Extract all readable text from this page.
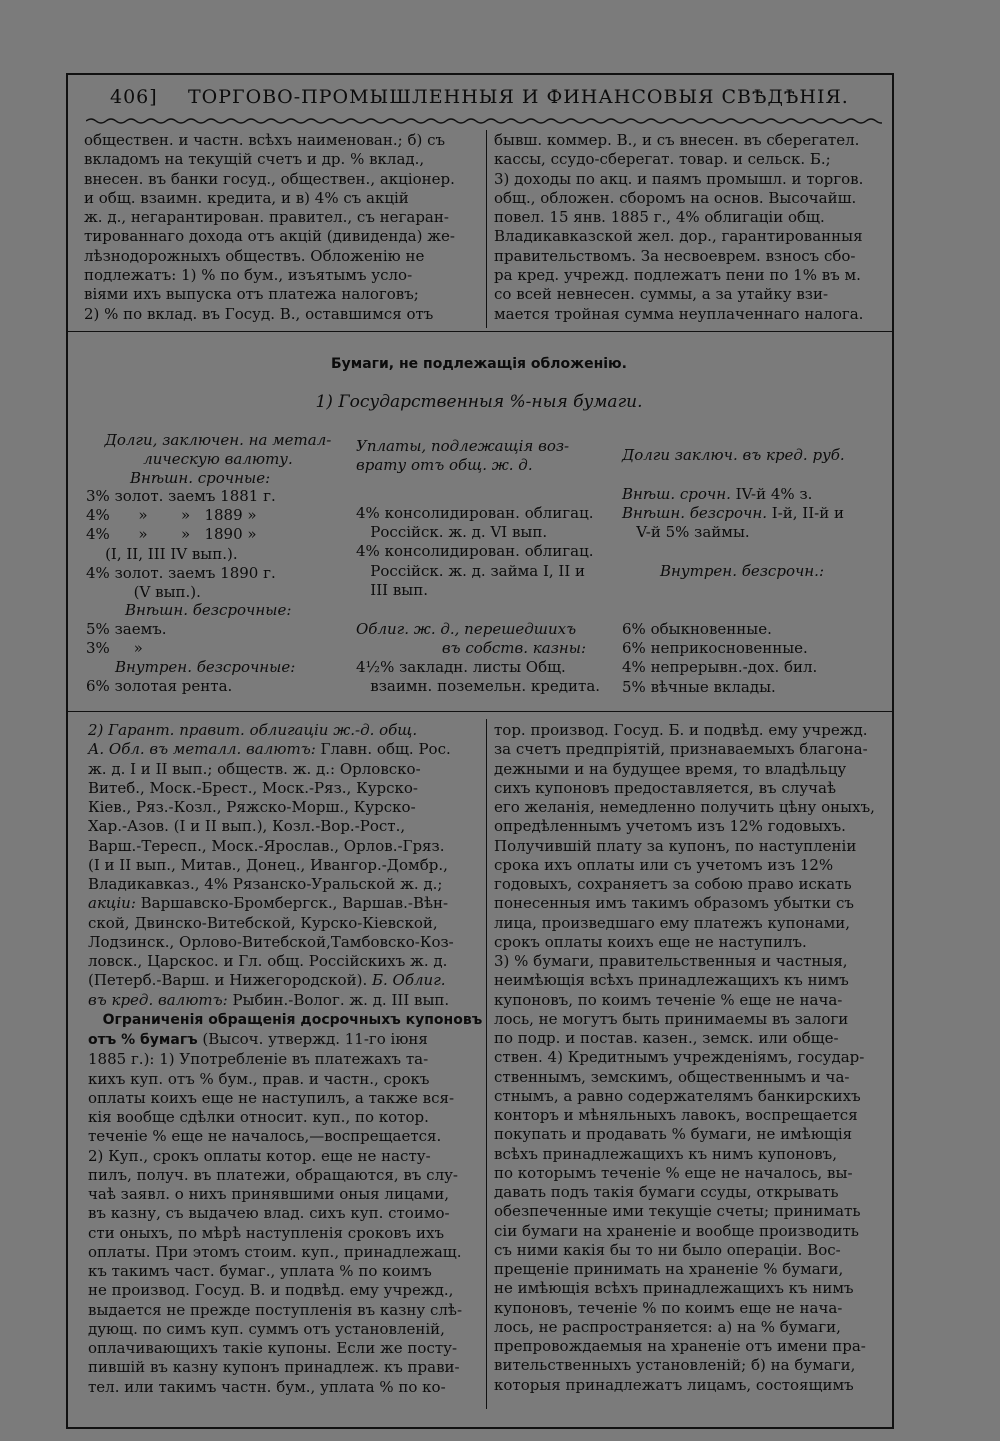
406] ТОРГОВО-ПРОМЫШЛЕННЫЯ И ФИНАНСОВЫЯ СВѢДѢНІЯ.
обществен. и частн. всѣхъ наименован.; б) съ
вкладомъ на текущій счетъ и др. % вклад.,
внесен. въ банки госуд., обществен., акціонер.
и общ. взаимн. кредита, и в) 4% съ акцій
ж. д., негарантирован. правител., съ негаран-
тированнаго дохода отъ акцій (дивиденда) же-
лѣзнодорожныхъ обществъ. Обложенію не
подлежатъ: 1) % по бум., изъятымъ усло-
віями ихъ выпуска отъ платежа налоговъ;
2) % по вклад. въ Госуд. В., оставшимся отъ
бывш. коммер. В., и съ внесен. въ сберегател.
кассы, ссудо-сберегат. товар. и сельск. Б.;
3) доходы по акц. и паямъ промышл. и торгов.
общ., обложен. сборомъ на основ. Высочайш.
повел. 15 янв. 1885 г., 4% облигаціи общ.
Владикавказской жел. дор., гарантированныя
правительствомъ. За несвоеврем. взносъ сбо-
ра кред. учрежд. подлежатъ пени по 1% въ м.
со всей невнесен. суммы, а за утайку взи-
мается тройная сумма неуплаченнаго налога.
Бумаги, не подлежащія обложенію.
1) Государственныя %-ныя бумаги.
Долги, заключен. на метал-
лическую валюту.
Внѣшн. срочные:
3% золот. заемъ 1881 г.
4%      »       »   1889 »
4%      »       »   1890 »
(I, II, III IV вып.).
4% золот. заемъ 1890 г.
(V вып.).
Внѣшн. безсрочные:
5% заемъ.
3%     »
Внутрен. безсрочные:
6% золотая рента.
Уплаты, подлежащія воз-
врату отъ общ. ж. д.
4% консолидирован. облигац.
Россійск. ж. д. VI вып.
4% консолидирован. облигац.
Россійск. ж. д. займа I, II и
III вып.
Облиг. ж. д., перешедшихъ
въ собств. казны:
4½% закладн. листы Общ.
взаимн. поземельн. кредита.
Долги заключ. въ кред. руб.
Внѣш. срочн. IV-й 4% з.
Внѣшн. безсрочн. I-й, II-й и
V-й 5% займы.
Внутрен. безсрочн.:
6% обыкновенные.
6% неприкосновенные.
4% непрерывн.-дох. бил.
5% вѣчные вклады.
2) Гарант. правит. облигаціи ж.-д. общ.
А. Обл. въ металл. валютъ: Главн. общ. Рос.
ж. д. I и II вып.; обществ. ж. д.: Орловско-
Витеб., Моск.-Брест., Моск.-Ряз., Курско-
Кіев., Ряз.-Козл., Ряжско-Морш., Курско-
Хар.-Азов. (I и II вып.), Козл.-Вор.-Рост.,
Варш.-Тересп., Моск.-Ярослав., Орлов.-Гряз.
(I и II вып., Митав., Донец., Ивангор.-Домбр.,
Владикавказ., 4% Рязанско-Уральской ж. д.;
акціи: Варшавско-Бромбергск., Варшав.-Вѣн-
ской, Двинско-Витебской, Курско-Кіевской,
Лодзинск., Орлово-Витебской,Тамбовско-Коз-
ловск., Царскос. и Гл. общ. Россійскихъ ж. д.
(Петерб.-Варш. и Нижегородской). Б. Облиг.
въ кред. валютъ: Рыбин.-Волог. ж. д. III вып.
Ограниченія обращенія досрочныхъ купоновъ
отъ % бумагъ (Высоч. утвержд. 11-го іюня
1885 г.): 1) Употребленіе въ платежахъ та-
кихъ куп. отъ % бум., прав. и частн., срокъ
оплаты коихъ еще не наступилъ, а также вся-
кія вообще сдѣлки относит. куп., по котор.
теченіе % еще не началось,—воспрещается.
2) Куп., срокъ оплаты котор. еще не насту-
пилъ, получ. въ платежи, обращаются, въ слу-
чаѣ заявл. о нихъ принявшими оныя лицами,
въ казну, съ выдачею влад. сихъ куп. стоимо-
сти оныхъ, по мѣрѣ наступленія сроковъ ихъ
оплаты. При этомъ стоим. куп., принадлежащ.
къ такимъ част. бумаг., уплата % по коимъ
не производ. Госуд. В. и подвѣд. ему учрежд.,
выдается не прежде поступленія въ казну слѣ-
дующ. по симъ куп. суммъ отъ установленій,
оплачивающихъ такіе купоны. Если же посту-
пившій въ казну купонъ принадлеж. къ прави-
тел. или такимъ частн. бум., уплата % по ко-
тор. производ. Госуд. Б. и подвѣд. ему учрежд.
за счетъ предпріятій, признаваемыхъ благона-
дежными и на будущее время, то владѣльцу
сихъ купоновъ предоставляется, въ случаѣ
его желанія, немедленно получить цѣну оныхъ,
опредѣленнымъ учетомъ изъ 12% годовыхъ.
Получившій плату за купонъ, по наступленіи
срока ихъ оплаты или съ учетомъ изъ 12%
годовыхъ, сохраняетъ за собою право искать
понесенныя имъ такимъ образомъ убытки съ
лица, произведшаго ему платежъ купонами,
срокъ оплаты коихъ еще не наступилъ.
3) % бумаги, правительственныя и частныя,
неимѣющія всѣхъ принадлежащихъ къ нимъ
купоновъ, по коимъ теченіе % еще не нача-
лось, не могутъ быть принимаемы въ залоги
по подр. и постав. казен., земск. или обще-
ствен. 4) Кредитнымъ учрежденіямъ, государ-
ственнымъ, земскимъ, общественнымъ и ча-
стнымъ, а равно содержателямъ банкирскихъ
конторъ и мѣняльныхъ лавокъ, воспрещается
покупать и продавать % бумаги, не имѣющія
всѣхъ принадлежащихъ къ нимъ купоновъ,
по которымъ теченіе % еще не началось, вы-
давать подъ такія бумаги ссуды, открывать
обезпеченные ими текущіе счеты; принимать
сіи бумаги на храненіе и вообще производить
съ ними какія бы то ни было операціи. Вос-
прещеніе принимать на храненіе % бумаги,
не имѣющія всѣхъ принадлежащихъ къ нимъ
купоновъ, теченіе % по коимъ еще не нача-
лось, не распространяется: а) на % бумаги,
препровождаемыя на храненіе отъ имени пра-
вительственныхъ установленій; б) на бумаги,
которыя принадлежатъ лицамъ, состоящимъ
